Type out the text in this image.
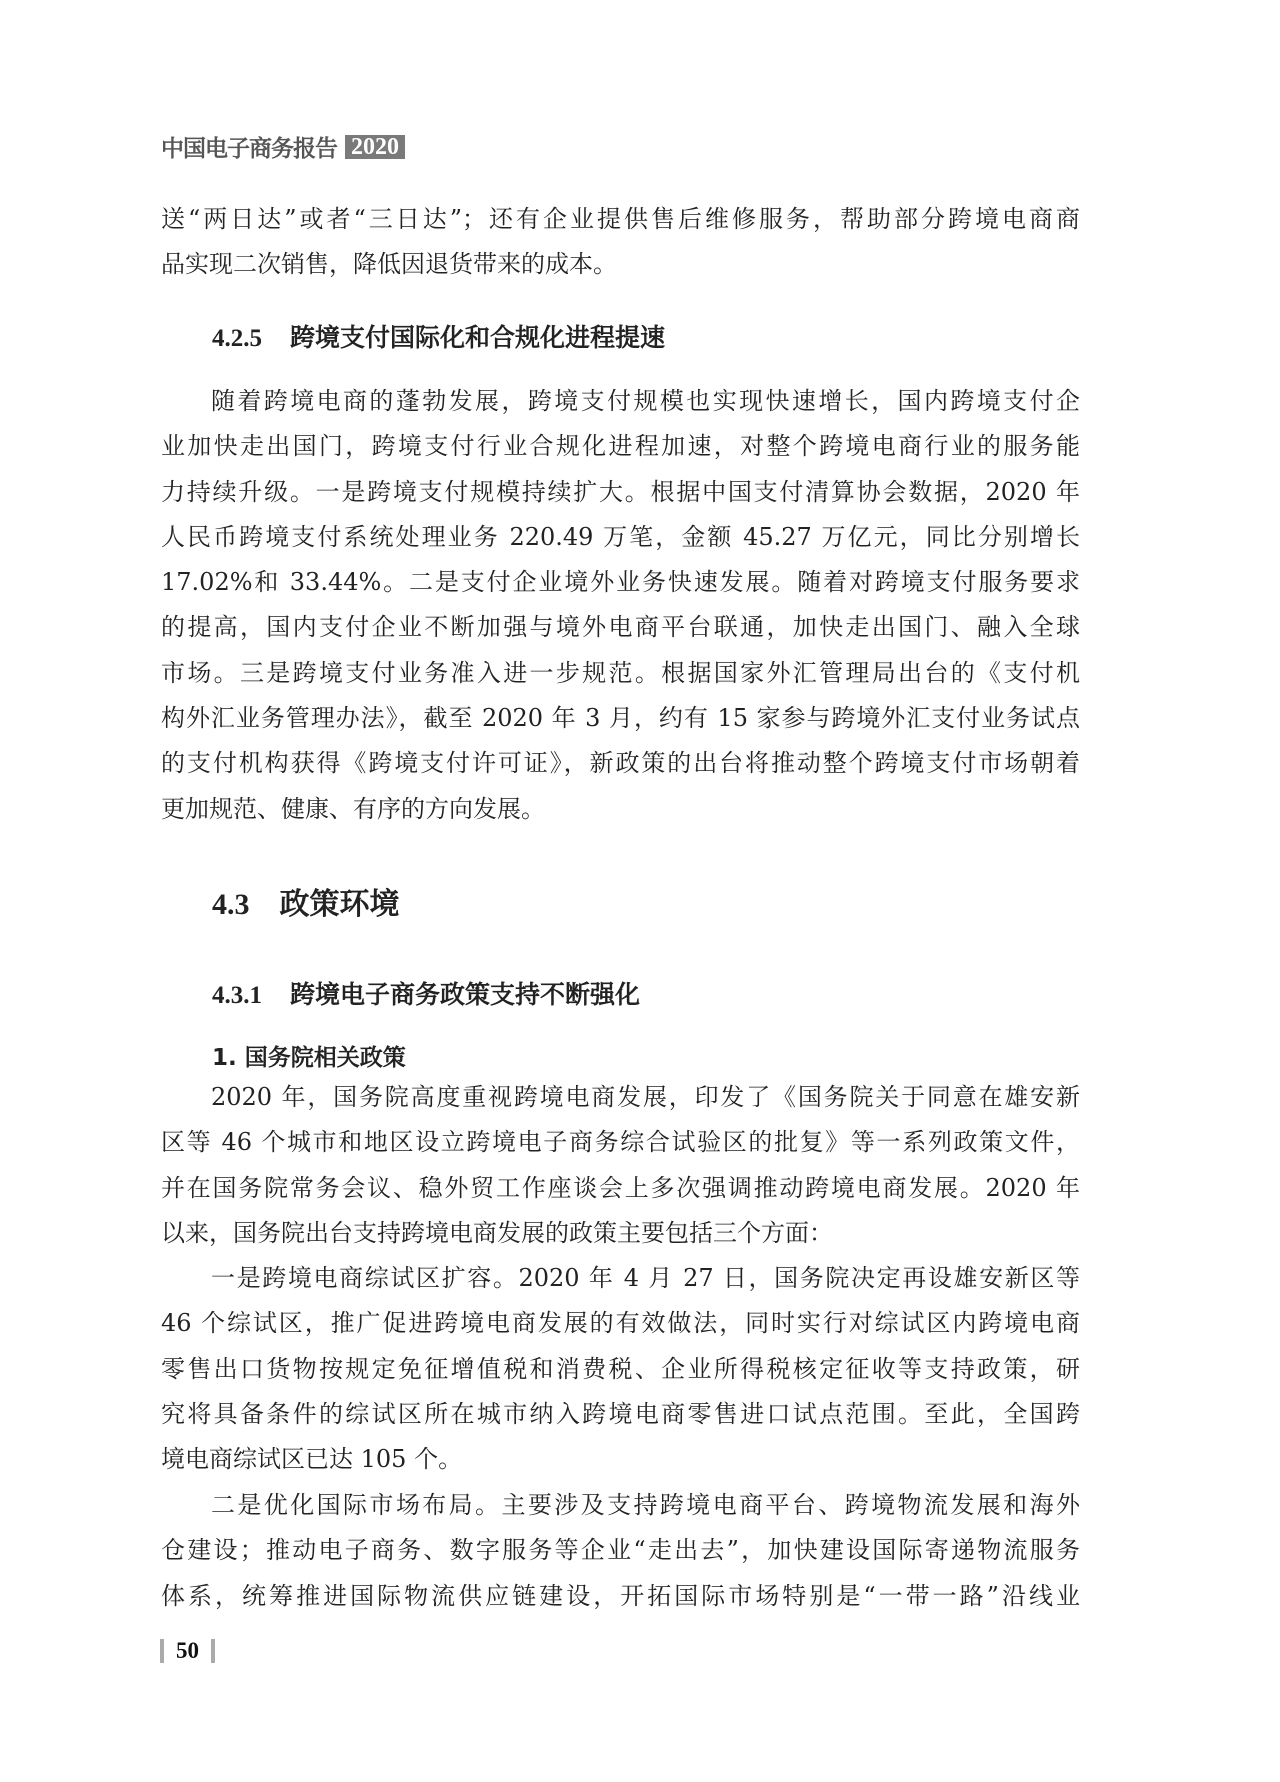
中国电子商务报告 2020
送“两日达”或者“三日达”；还有企业提供售后维修服务，帮助部分跨境电商商
品实现二次销售，降低因退货带来的成本。
4.2.5 跨境支付国际化和合规化进程提速
随着跨境电商的蓬勃发展，跨境支付规模也实现快速增长，国内跨境支付企
业加快走出国门，跨境支付行业合规化进程加速，对整个跨境电商行业的服务能
力持续升级。一是跨境支付规模持续扩大。根据中国支付清算协会数据，2020 年
人民币跨境支付系统处理业务 220.49 万笔，金额 45.27 万亿元，同比分别增长
17.02%和 33.44%。二是支付企业境外业务快速发展。随着对跨境支付服务要求
的提高，国内支付企业不断加强与境外电商平台联通，加快走出国门、融入全球
市场。三是跨境支付业务准入进一步规范。根据国家外汇管理局出台的《支付机
构外汇业务管理办法》，截至 2020 年 3 月，约有 15 家参与跨境外汇支付业务试点
的支付机构获得《跨境支付许可证》，新政策的出台将推动整个跨境支付市场朝着
更加规范、健康、有序的方向发展。
4.3 政策环境
4.3.1 跨境电子商务政策支持不断强化
1. 国务院相关政策
2020 年，国务院高度重视跨境电商发展，印发了《国务院关于同意在雄安新
区等 46 个城市和地区设立跨境电子商务综合试验区的批复》等一系列政策文件，
并在国务院常务会议、稳外贸工作座谈会上多次强调推动跨境电商发展。2020 年
以来，国务院出台支持跨境电商发展的政策主要包括三个方面：
一是跨境电商综试区扩容。2020 年 4 月 27 日，国务院决定再设雄安新区等
46 个综试区，推广促进跨境电商发展的有效做法，同时实行对综试区内跨境电商
零售出口货物按规定免征增值税和消费税、企业所得税核定征收等支持政策，研
究将具备条件的综试区所在城市纳入跨境电商零售进口试点范围。至此，全国跨
境电商综试区已达 105 个。
二是优化国际市场布局。主要涉及支持跨境电商平台、跨境物流发展和海外
仓建设；推动电子商务、数字服务等企业“走出去”，加快建设国际寄递物流服务
体系，统筹推进国际物流供应链建设，开拓国际市场特别是“一带一路”沿线业
50
